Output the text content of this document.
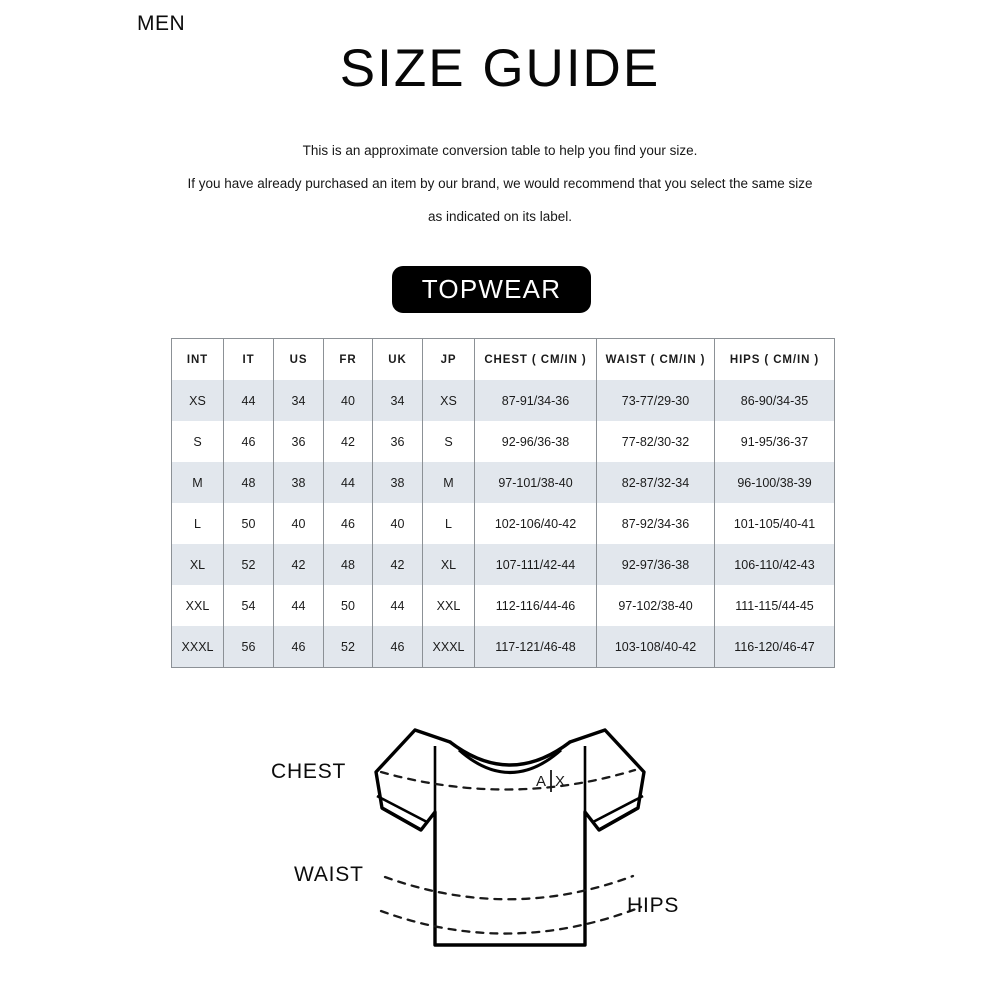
MEN
SIZE GUIDE
This is an approximate conversion table to help you find your size.
If you have already purchased an item by our brand, we would recommend that you select the same size
as indicated on its label.
TOPWEAR
INT	IT	US	FR	UK	JP	CHEST ( CM/IN )	WAIST ( CM/IN )	HIPS ( CM/IN )
XS	44	34	40	34	XS	87-91/34-36	73-77/29-30	86-90/34-35
S	46	36	42	36	S	92-96/36-38	77-82/30-32	91-95/36-37
M	48	38	44	38	M	97-101/38-40	82-87/32-34	96-100/38-39
L	50	40	46	40	L	102-106/40-42	87-92/34-36	101-105/40-41
XL	52	42	48	42	XL	107-111/42-44	92-97/36-38	106-110/42-43
XXL	54	44	50	44	XXL	112-116/44-46	97-102/38-40	111-115/44-45
XXXL	56	46	52	46	XXXL	117-121/46-48	103-108/40-42	116-120/46-47
A X
CHEST
WAIST
HIPS
